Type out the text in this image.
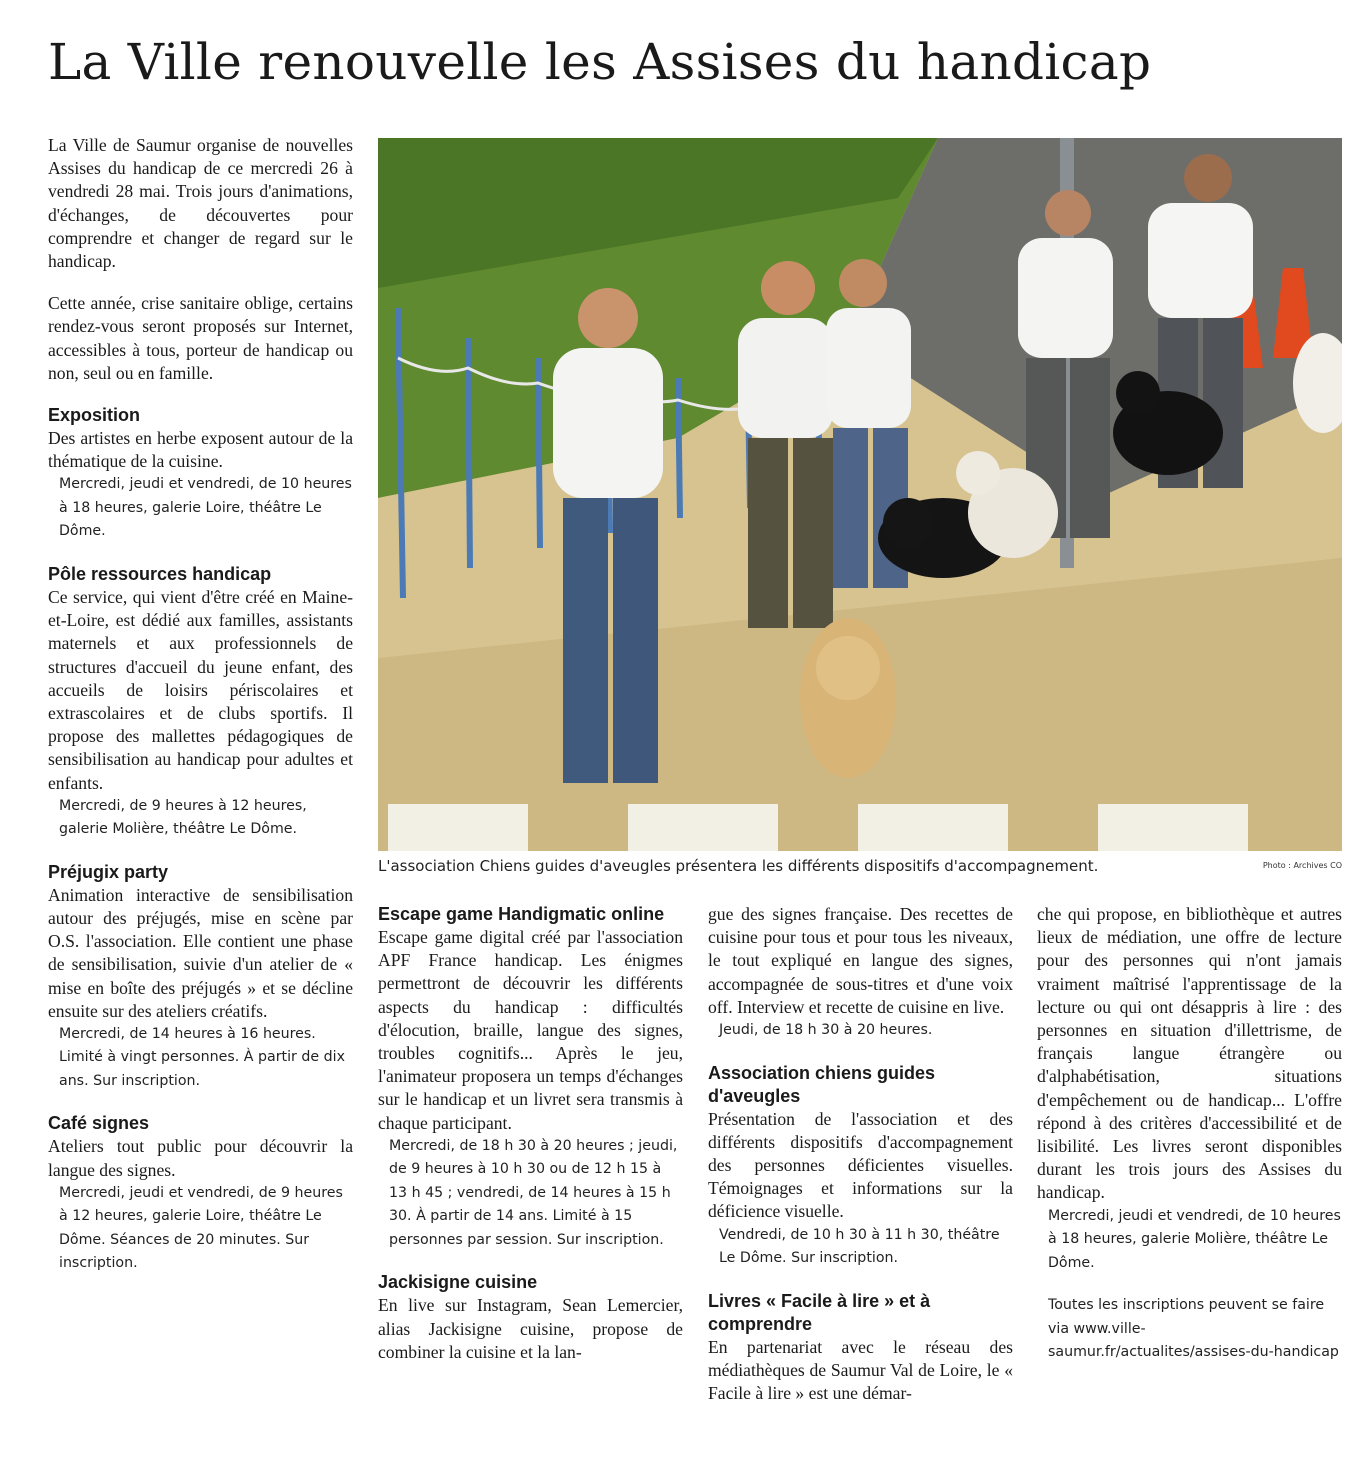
La Ville renouvelle les Assises du handicap

La Ville de Saumur organise de nouvelles Assises du handicap de ce mercredi 26 à vendredi 28 mai. Trois jours d'animations, d'échanges, de découvertes pour comprendre et changer de regard sur le handicap.

Cette année, crise sanitaire oblige, certains rendez-vous seront proposés sur Internet, accessibles à tous, porteur de handicap ou non, seul ou en famille.

Exposition

Des artistes en herbe exposent autour de la thématique de la cuisine.

Mercredi, jeudi et vendredi, de 10 heures à 18 heures, galerie Loire, théâtre Le Dôme.

Pôle ressources handicap

Ce service, qui vient d'être créé en Maine-et-Loire, est dédié aux familles, assistants maternels et aux professionnels de structures d'accueil du jeune enfant, des accueils de loisirs périscolaires et extrascolaires et de clubs sportifs. Il propose des mallettes pédagogiques de sensibilisation au handicap pour adultes et enfants.

Mercredi, de 9 heures à 12 heures, galerie Molière, théâtre Le Dôme.

Préjugix party

Animation interactive de sensibilisation autour des préjugés, mise en scène par O.S. l'association. Elle contient une phase de sensibilisation, suivie d'un atelier de « mise en boîte des préjugés » et se décline ensuite sur des ateliers créatifs.

Mercredi, de 14 heures à 16 heures. Limité à vingt personnes. À partir de dix ans. Sur inscription.

Café signes

Ateliers tout public pour découvrir la langue des signes.

Mercredi, jeudi et vendredi, de 9 heures à 12 heures, galerie Loire, théâtre Le Dôme. Séances de 20 minutes. Sur inscription.

L'association Chiens guides d'aveugles présentera les différents dispositifs d'accompagnement.	Photo : Archives CO
Escape game Handigmatic online

Escape game digital créé par l'association APF France handicap. Les énigmes permettront de découvrir les différents aspects du handicap : difficultés d'élocution, braille, langue des signes, troubles cognitifs... Après le jeu, l'animateur proposera un temps d'échanges sur le handicap et un livret sera transmis à chaque participant.

Mercredi, de 18 h 30 à 20 heures ; jeudi, de 9 heures à 10 h 30 ou de 12 h 15 à 13 h 45 ; vendredi, de 14 heures à 15 h 30. À partir de 14 ans. Limité à 15 personnes par session. Sur inscription.

Jackisigne cuisine

En live sur Instagram, Sean Lemercier, alias Jackisigne cuisine, propose de combiner la cuisine et la lan-

gue des signes française. Des recettes de cuisine pour tous et pour tous les niveaux, le tout expliqué en langue des signes, accompagnée de sous-titres et d'une voix off. Interview et recette de cuisine en live.

Jeudi, de 18 h 30 à 20 heures.

Association chiens guides d'aveugles

Présentation de l'association et des différents dispositifs d'accompagnement des personnes déficientes visuelles. Témoignages et informations sur la déficience visuelle.

Vendredi, de 10 h 30 à 11 h 30, théâtre Le Dôme. Sur inscription.

Livres « Facile à lire » et à comprendre

En partenariat avec le réseau des médiathèques de Saumur Val de Loire, le « Facile à lire » est une démar-

che qui propose, en bibliothèque et autres lieux de médiation, une offre de lecture pour des personnes qui n'ont jamais vraiment maîtrisé l'apprentissage de la lecture ou qui ont désappris à lire : des personnes en situation d'illettrisme, de français langue étrangère ou d'alphabétisation, situations d'empêchement ou de handicap... L'offre répond à des critères d'accessibilité et de lisibilité. Les livres seront disponibles durant les trois jours des Assises du handicap.

Mercredi, jeudi et vendredi, de 10 heures à 18 heures, galerie Molière, théâtre Le Dôme.

Toutes les inscriptions peuvent se faire via www.ville-saumur.fr/actualites/assises-du-handicap
